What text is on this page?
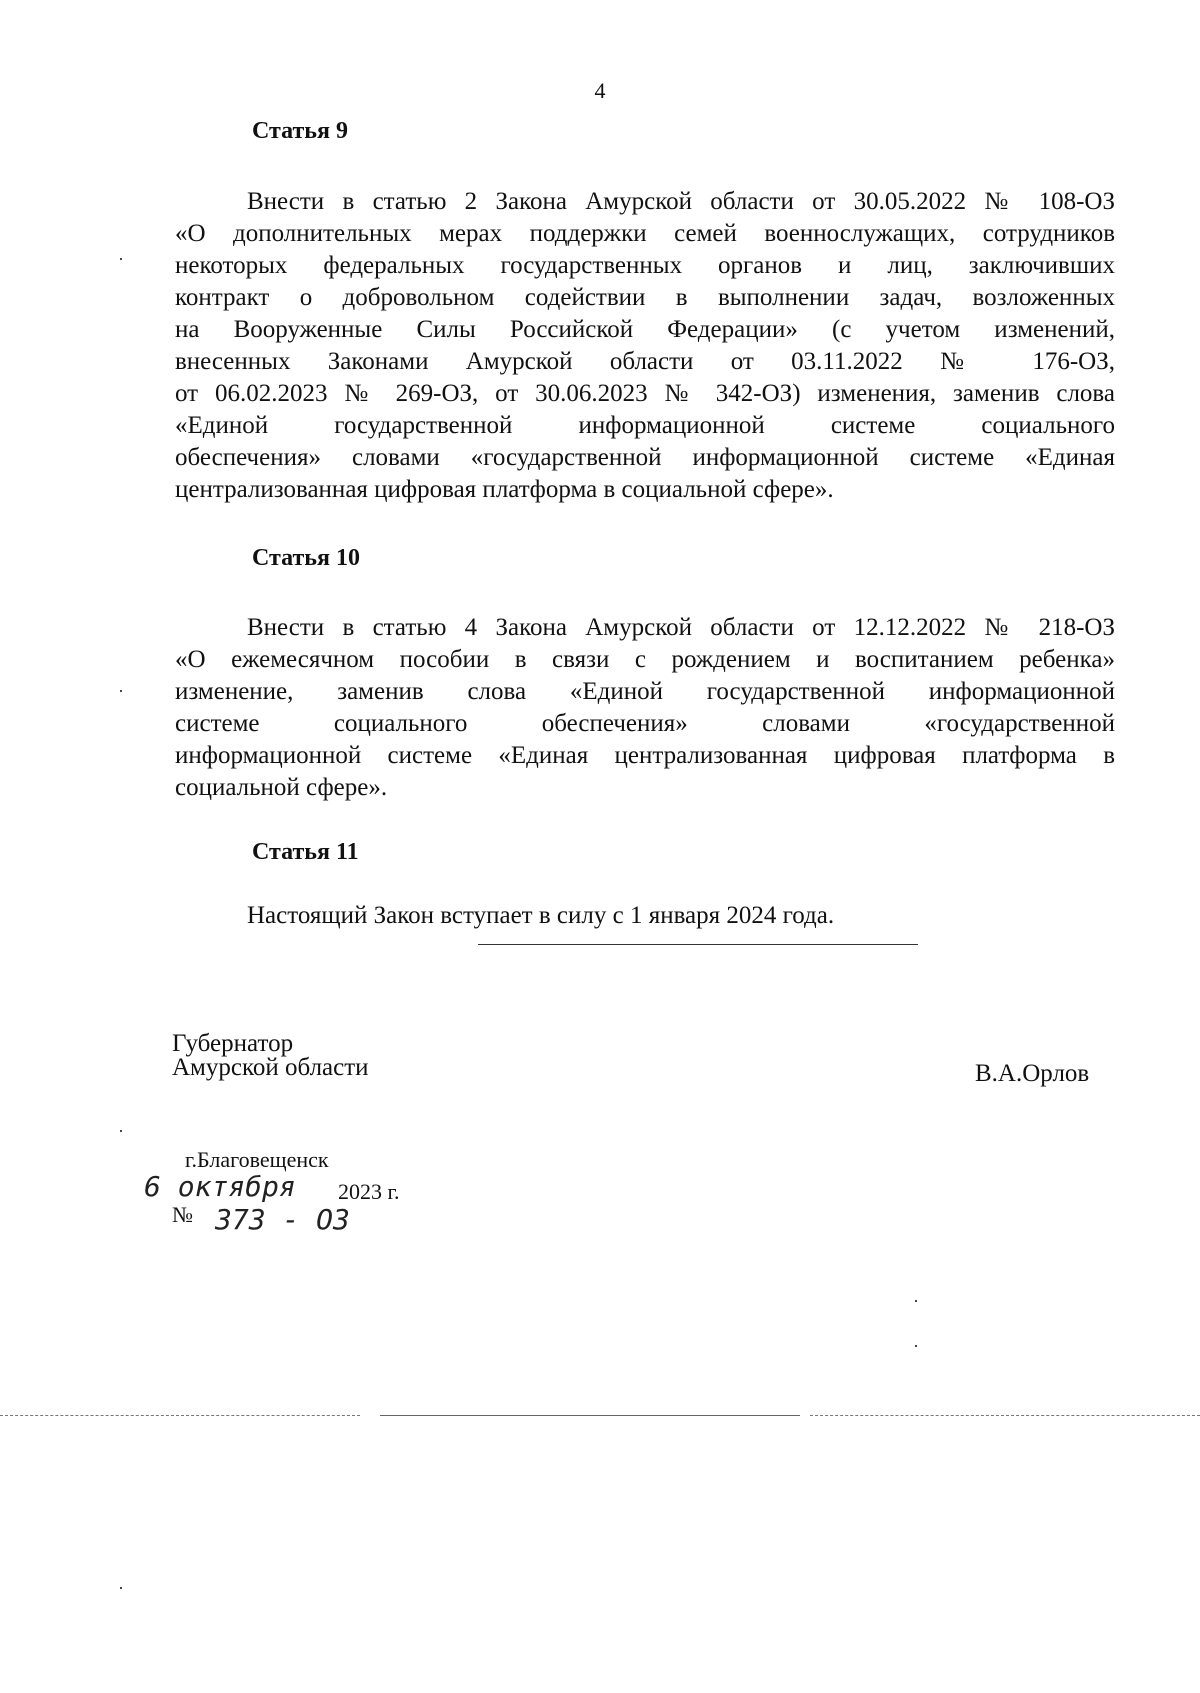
4
Статья 9
Внести в статью 2 Закона Амурской области от 30.05.2022 № 108-ОЗ
«О дополнительных мерах поддержки семей военнослужащих, сотрудников
некоторых федеральных государственных органов и лиц, заключивших
контракт о добровольном содействии в выполнении задач, возложенных
на Вооруженные Силы Российской Федерации» (с учетом изменений,
внесенных Законами Амурской области от 03.11.2022 № 176-ОЗ,
от 06.02.2023 № 269-ОЗ, от 30.06.2023 № 342-ОЗ) изменения, заменив слова
«Единой государственной информационной системе социального
обеспечения» словами «государственной информационной системе «Единая
централизованная цифровая платформа в социальной сфере».
Статья 10
Внести в статью 4 Закона Амурской области от 12.12.2022 № 218-ОЗ
«О ежемесячном пособии в связи с рождением и воспитанием ребенка»
изменение, заменив слова «Единой государственной информационной
системе социального обеспечения» словами «государственной
информационной системе «Единая централизованная цифровая платформа в
социальной сфере».
Статья 11
Настоящий Закон вступает в силу с 1 января 2024 года.
Губернатор
Амурской области	В.А.Орлов
г.Благовещенск
6 октября 2023 г.
№ 373 - ОЗ
